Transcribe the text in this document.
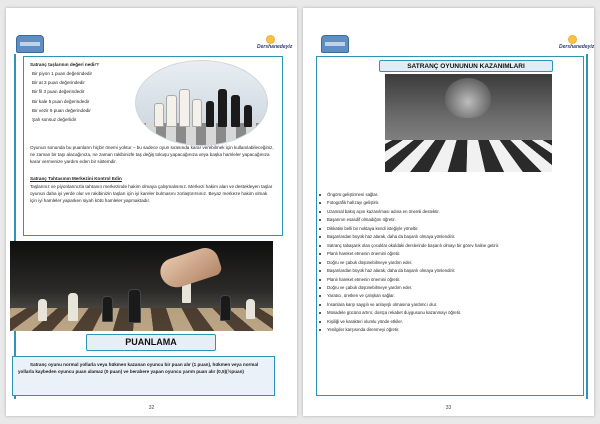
Dershanedeyiz
Satranç taşlarının değeri nedir?
Bir piyon 1 puan değerindedir
Bir at 3 puan değerindedir
Bir fil 3 puan değerindedir
Bir kale 5 puan değerindedir
Bir vezir 9 puan değerindedir
Şah sonsuz değerlidir
Oyunun sonunda bu puanların hiçbir önemi yoktur – bu sadece oyun sırasında karar verebilmek için kullanılabileceğiniz, ne zaman bir taşı alacağınıza, ne zaman rakibinizle taş değiş tokuşu yapacağınıza veya başka hamleler yapacağınıza karar vermenize yardım eden bir sistemdir.
Satranç Tahtasının Merkezini Kontrol Edin
Taşlarınız ve piyonlarınızla tahtanın merkezinde hakim olmaya çalışmalısınız. Merkezi hakim alan ve destekleyen taşlar oyunun daha iyi yerde olur ve rakibinizin taşları için iyi kareler bulmasını zorlaştırırsınız. Beyaz merkeze hakim olmak için iyi hamleler yaparken siyah kötü hamleler yapmaktadır.
PUANLAMA
Satranç oyunu normal yollarla veya hükmen kazanan oyuncu bir puan alır (1 puan), hükmen veya normal yollarla kaybeden oyuncu puan alamaz (0 puan) ve berabere yapan oyuncu yarım puan alır (0,5)(½puan)
32
Dershanedeyiz
SATRANÇ OYUNUNUN KAZANIMLARI
Öngörü geliştirmeni sağlar.
Fotografik hafızayı geliştirir.
Uzamsal bakış açısı kazanılması adına en önemli destektir.
Başarının esasdif olmadığını öğretir.
Dikkatini belli bir noktaya kendi isteğiyle yöneltir.
Başarılardan büyük haz alarak, daha da başarılı olmaya yönlendirir.
Satranç tabaşarık olan çocuklar okuldaki derslerinde başarılı olmayı bir görev haline getirir.
Planlı hareket etmenin önemini öğretir.
Doğru ve çabuk düşünebilmeye yardım eder.
Başarılardan büyük haz alarak, daha da başarılı olmaya yönlendirir.
Planlı hareket etmenin önemini öğretir.
Doğru ve çabuk düşünebilmeye yardım eder.
Yaratıcı, üretken ve çalışkan sağlar.
İnsanlara karşı saygılı ve anlayışlı olmasına yardımcı olur.
Müsadele gücünü artırır, dostça rekabet duygusunu kazanmayı öğretir.
Kişiliği ve karakteri olumlu yönde etkiler.
Yenilgiler karşısında direnmeyi öğretir.
33
